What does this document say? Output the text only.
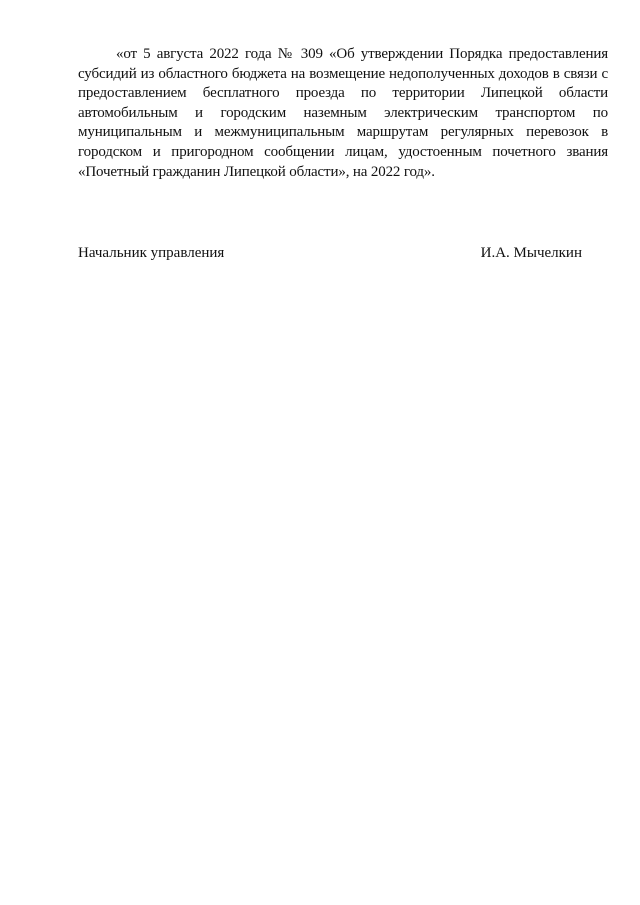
«от 5 августа 2022 года № 309 «Об утверждении Порядка предоставления субсидий из областного бюджета на возмещение недополученных доходов в связи с предоставлением бесплатного проезда по территории Липецкой области автомобильным и городским наземным электрическим транспортом по муниципальным и межмуниципальным маршрутам регулярных перевозок в городском и пригородном сообщении лицам, удостоенным почетного звания «Почетный гражданин Липецкой области», на 2022 год».

Начальник управления	И.А. Мычелкин
